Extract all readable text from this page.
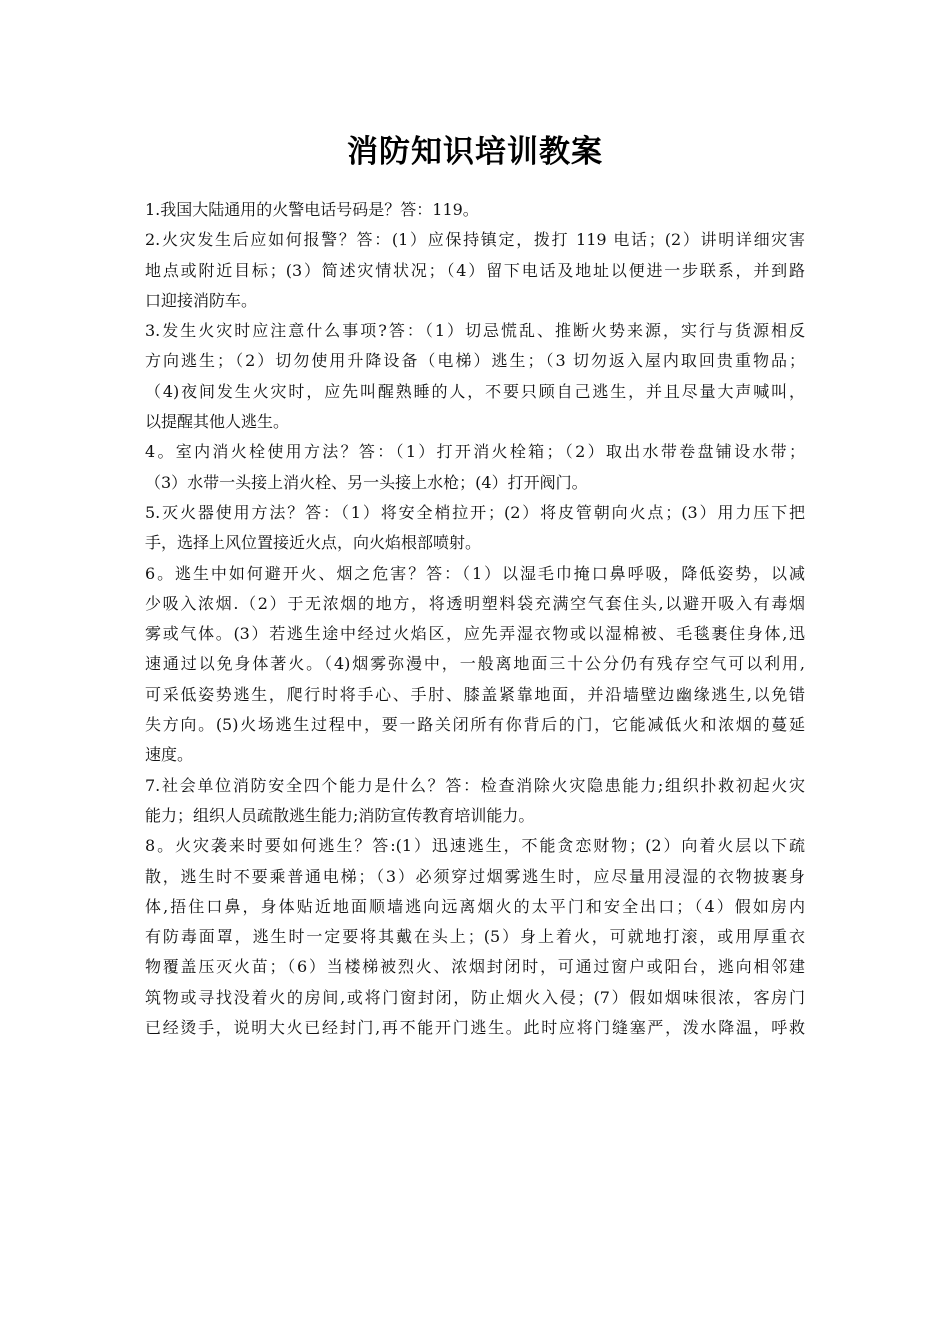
消防知识培训教案
1.我国大陆通用的火警电话号码是？答：119。
2.火灾发生后应如何报警？答：(1）应保持镇定，拨打 119 电话；(2）讲明详细灾害
地点或附近目标；(3）简述灾情状况；（4）留下电话及地址以便进一步联系，并到路
口迎接消防车。
3.发生火灾时应注意什么事项?答：（1）切忌慌乱、推断火势来源，实行与货源相反
方向逃生；（2）切勿使用升降设备（电梯）逃生；（3 切勿返入屋内取回贵重物品；
（4)夜间发生火灾时，应先叫醒熟睡的人，不要只顾自己逃生，并且尽量大声喊叫，
以提醒其他人逃生。
4。室内消火栓使用方法？答：（1）打开消火栓箱；（2）取出水带卷盘铺设水带；
（3）水带一头接上消火栓、另一头接上水枪；(4）打开阀门。
5.灭火器使用方法？答：（1）将安全梢拉开；(2）将皮管朝向火点；(3）用力压下把
手，选择上风位置接近火点，向火焰根部喷射。
6。逃生中如何避开火、烟之危害？答：（1）以湿毛巾掩口鼻呼吸，降低姿势，以减
少吸入浓烟.（2）于无浓烟的地方，将透明塑料袋充满空气套住头,以避开吸入有毒烟
雾或气体。(3）若逃生途中经过火焰区，应先弄湿衣物或以湿棉被、毛毯裹住身体,迅
速通过以免身体著火。（4)烟雾弥漫中，一般离地面三十公分仍有残存空气可以利用,
可采低姿势逃生，爬行时将手心、手肘、膝盖紧靠地面，并沿墙壁边幽缘逃生,以免错
失方向。(5)火场逃生过程中，要一路关闭所有你背后的门，它能减低火和浓烟的蔓延
速度。
7.社会单位消防安全四个能力是什么？答：检查消除火灾隐患能力;组织扑救初起火灾
能力；组织人员疏散逃生能力;消防宣传教育培训能力。
8。火灾袭来时要如何逃生？答:(1）迅速逃生，不能贪恋财物；(2）向着火层以下疏
散，逃生时不要乘普通电梯；（3）必须穿过烟雾逃生时，应尽量用浸湿的衣物披裹身
体,捂住口鼻，身体贴近地面顺墙逃向远离烟火的太平门和安全出口；（4）假如房内
有防毒面罩，逃生时一定要将其戴在头上；(5）身上着火，可就地打滚，或用厚重衣
物覆盖压灭火苗；（6）当楼梯被烈火、浓烟封闭时，可通过窗户或阳台，逃向相邻建
筑物或寻找没着火的房间,或将门窗封闭，防止烟火入侵；(7）假如烟味很浓，客房门
已经烫手，说明大火已经封门,再不能开门逃生。此时应将门缝塞严，泼水降温，呼救
